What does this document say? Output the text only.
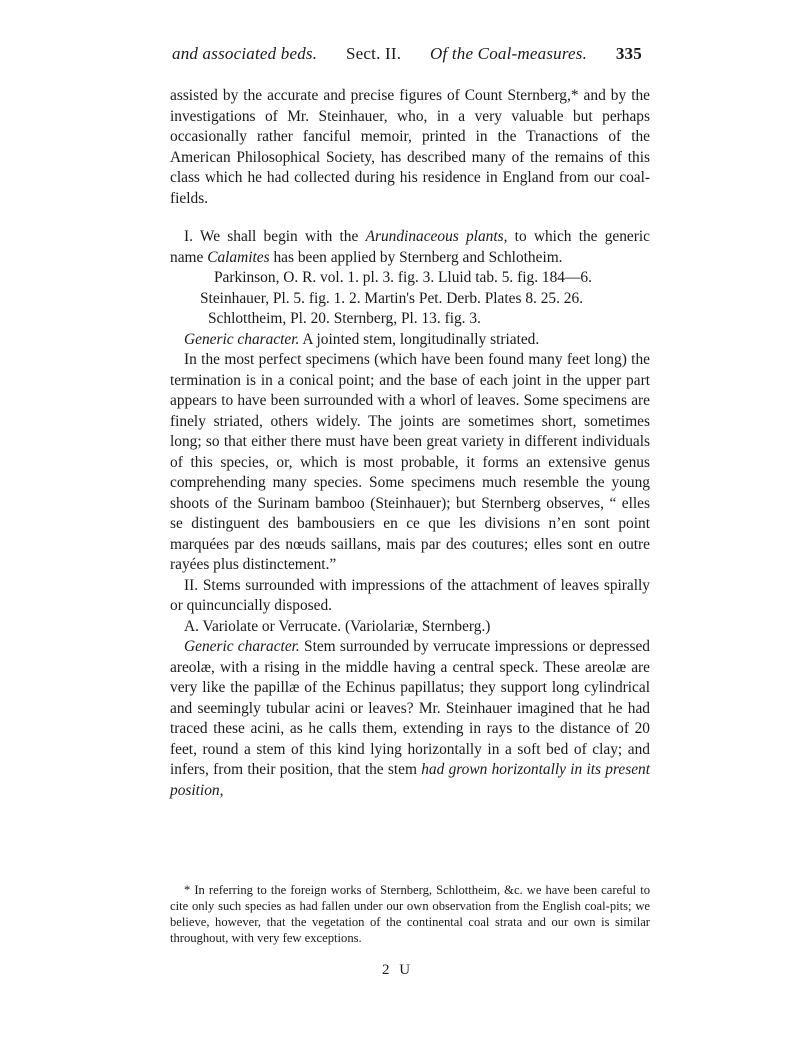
and associated beds. Sect. II. Of the Coal-measures. 335

assisted by the accurate and precise figures of Count Sternberg,* and by the investigations of Mr. Steinhauer, who, in a very valuable but perhaps occasionally rather fanciful memoir, printed in the Tranactions of the American Philosophical Society, has described many of the remains of this class which he had collected during his residence in England from our coal-fields.

I. We shall begin with the Arundinaceous plants, to which the generic name Calamites has been applied by Sternberg and Schlotheim.

Parkinson, O. R. vol. 1. pl. 3. fig. 3. Lluid tab. 5. fig. 184—6.

Steinhauer, Pl. 5. fig. 1. 2. Martin's Pet. Derb. Plates 8. 25. 26.

Schlottheim, Pl. 20. Sternberg, Pl. 13. fig. 3.

Generic character. A jointed stem, longitudinally striated.

In the most perfect specimens (which have been found many feet long) the termination is in a conical point; and the base of each joint in the upper part appears to have been surrounded with a whorl of leaves. Some specimens are finely striated, others widely. The joints are sometimes short, sometimes long; so that either there must have been great variety in different individuals of this species, or, which is most probable, it forms an extensive genus comprehending many species. Some specimens much resemble the young shoots of the Surinam bamboo (Steinhauer); but Sternberg observes, “ elles se distinguent des bambousiers en ce que les divisions n’en sont point marquées par des nœuds saillans, mais par des coutures; elles sont en outre rayées plus distinctement.”

II. Stems surrounded with impressions of the attachment of leaves spirally or quincuncially disposed.

A. Variolate or Verrucate. (Variolariæ, Sternberg.)

Generic character. Stem surrounded by verrucate impressions or depressed areolæ, with a rising in the middle having a central speck. These areolæ are very like the papillæ of the Echinus papillatus; they support long cylindrical and seemingly tubular acini or leaves? Mr. Steinhauer imagined that he had traced these acini, as he calls them, extending in rays to the distance of 20 feet, round a stem of this kind lying horizontally in a soft bed of clay; and infers, from their position, that the stem had grown horizontally in its present position,

* In referring to the foreign works of Sternberg, Schlottheim, &c. we have been careful to cite only such species as had fallen under our own observation from the English coal-pits; we believe, however, that the vegetation of the continental coal strata and our own is similar throughout, with very few exceptions.

2 U
